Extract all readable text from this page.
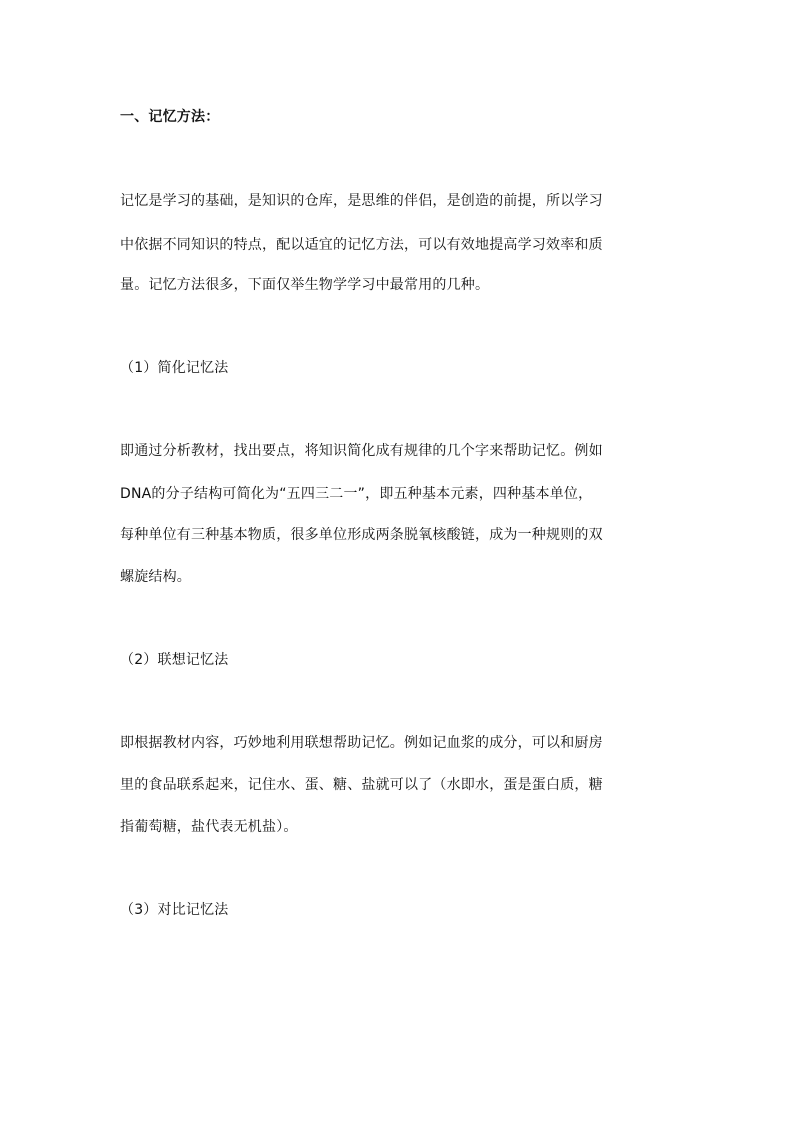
一、记忆方法：
记忆是学习的基础，是知识的仓库，是思维的伴侣，是创造的前提，所以学习
中依据不同知识的特点，配以适宜的记忆方法，可以有效地提高学习效率和质
量。记忆方法很多，下面仅举生物学学习中最常用的几种。
（1）简化记忆法
即通过分析教材，找出要点，将知识简化成有规律的几个字来帮助记忆。例如
DNA的分子结构可简化为“五四三二一”，即五种基本元素，四种基本单位，
每种单位有三种基本物质，很多单位形成两条脱氧核酸链，成为一种规则的双
螺旋结构。
（2）联想记忆法
即根据教材内容，巧妙地利用联想帮助记忆。例如记血浆的成分，可以和厨房
里的食品联系起来，记住水、蛋、糖、盐就可以了（水即水，蛋是蛋白质，糖
指葡萄糖，盐代表无机盐）。
（3）对比记忆法
